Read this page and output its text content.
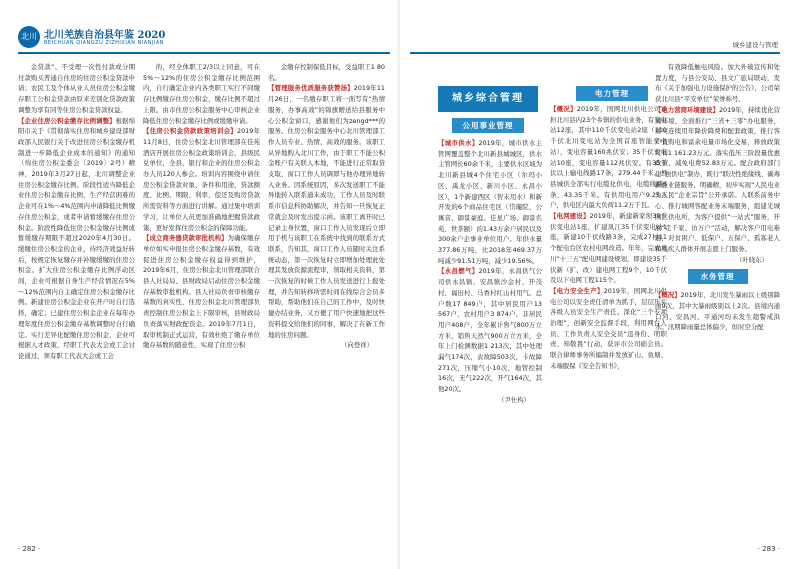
北川年鉴
北川羌族自治县年鉴 2020
BEICHUAN QIANGZU ZIZHIXIAN NIANJIAN

金贷款”、不受理一次性付款或分期付款购买普通自住房的住房公积金贷款申请；农民工及个体从业人员住房公积金缴存职工公积金贷款由原来差别化贷款政策调整为享有同等住房公积金贷款权益。

【企业住房公积金缴存比例调整】根据绵阳市关于《贯彻落实住房和城乡建设部财政部人民银行关于改进住房公积金缴存机制进一步降低企业成本的通知》的通知（绵住房公积金委会〔2019〕2号）精神，2019年3月27日起，北川调整企业住房公积金缴存比例。阶段性适当降低企业住房公积金缴存比例，生产经营困难的企业可在1%～4%范围内申请降低比例缴存住房公积金，或者申请暂缓缴存住房公积金。阶段性降低住房公积金缴存比例或暂缓缴存期限不超过2020年4月30日。缓缴住房公积金的企业，待经济效益好转后，按规定恢复缴存并补缴缓缴的住房公积金。扩大住房公积金缴存比例浮动区间，企业可根据自身生产经营情况在5%～12%范围内自主确定住房公积金缴存比例。新建住房公积金企业在开户时自行选择，确定；已建住房公积金企业在每年办理年度住房公积金缴存基数调整时自行确定。实行差异化配缴住房公积金，企业可根据人才政策，经职工代表大会或工会讨论通过，须有职工代表大会或工会

的，经全体职工2/3以上同意，可在5%～12%的住房公积金缴存比例范围内，自行确定企业内各类职工实行不同缴存比例缴存住房公积金，缴存比例不超过上限。由市住房公积金服务中心审核企业降低住房公积金缴存比例或缓缴申请。

【住房公积金贷款政策培训会】2019年11月8日，住房公积金北川管理部在佳苑酒店开展住房公积金政策培训会，县级民兑单位，全县、银行和企业的住房公积金办人员120人参会。培训内容围绕申请住房公积金贷款对象、条件和用途，贷款额度、比例、期限、利率，偿还及购房贷款所需资料等方面进行讲解。通过集中培训学习，让单位人员更加准确地把握贷款政策，更好发挥住房公积金的保障功能。

【成立商务器贷款审批机构】为确保缴存单位如实申报住房公积金缴存基数，有效促进住房公积金缴存权益得到维护，2019年6月，住房公积金北川管理部联合县人社局局、县财政局启动住房公积金缴存基数审批机构。县人社局负责审核缴存基数的真实性，住房公积金北川管理部负责控制住房公积金上下限审核，县财政局负责落实财政配资金。2019年7月1日，取审机制正式运营，有效杜绝了缴存单位缴存基数的随意性，实现了住房公积

金缴存控制保低目标，受益职工1 80名。

【管理服务优质服务获赞扬】2019年11月26日，一名缴存职工将一面写有“热情服务，办事高效”的锦旗赠送给县服务中心公积金窗口，感谢他们为zengd***的服务。住房公积金服务中心北川管理部工作人员专业、热情、高效的服务。该职工从异地购入北川工作，由于职工不能公积金账户有关联人本地，不能进行正常取贷支取，窗口工作人员调即与他办理异地转入业务。因系统原因，多次发送职工不能异地转入联系通未成功，工作人员及时联系市信息科协助解决，并告知一旦恢复正常就会及时发出提示函。该职工离开时已记录主身位置，窗口工作人员发现后立即用手机与该职工在系统中找到的联系方式联系，告知其，窗口工作人员随时关注系统动态，第一次恢复时立即增加处理此处理其发放资源流程审，领取相关资料，第一次恢复的时候工作人员发送进行上报处理，并告知转移所需时间在线综合会员多帮助，帮助他们在自己的工作中，及时快捷办结业务，又方便了用户快速地把这些资料提交给他们的同事，解决了在新工作地的住房问题。

（向登祥）

· 282 ·
城乡建设与管理
城乡综合管理
公用事业管理
电力管理

【城市供水】2019年，城市供水主管网覆盖整个北川新县城城区，供水主管网长60余千米，主要供水区域为北川新县城4个住宅小区（尔玛小区、禹龙小区、新川小区、永昌小区），1个新建西区（智末用水）和新开发的6个商品住宅区（岱瓏院、公寓音、御景豪庭、佳星广场、御景名苑、世茶颐）的1.43万余户居民以及300余户企事业单位用户。年供水量377.86万吨，比2018年469.37万吨减少91.51万吨，减少19.56%。

【永昌燃气】2019年，永昌供气公司供永昌镇、安昌镇沙金村、开茂村、福田村、马香村红山村用气。总户数17 849户，其中居民用户13 567户，农村用户3 874户，非居民用户408户，全年累计售气800万立方米，销售天然气900万立方米，全年上门检测数据1 213次，其中处理漏气174次，表故障503次，卡故障271次，压缩气小10次，地管控制16次，无气222次，开气164次，其他20次。

（尹仕构）

【概况】2019年，国网北川供电公司承担北川县内23个乡镇的供电业务，有变电站12座，其中110千伏变电站2座（110千伏北川变电站为全国首座智能变电站），变电容量160兆伏安；35千伏变电站10座，变电容量112兆伏安。有35千伏以上输电线路17条，279.44千米。县县城供全部实行电缆化供电，电缆线路6条，43.35千米。有供用电用户9.25万户，供电区内最大负荷11.2万千瓦。

【电网建设】2019年，新建新家坝35千伏变电站1座，扩建凤江35千伏变电站1座，新建10千伏线路3条，完成27村11个配电台区农村电网改造。年年，完成北川“十三五”配电网建设规划，即建设35千伏新（扩、改）建电网工程9个，10千伏及以下电网工程115个。

【电力安全生产】2019年，国网北川供电公司以安全责任清单为抓手，层层压实各级人员安全生产责任。深化“三个专项治理”，创新安全监督手段，利用网台人员、工作负责人安全交员“违身份、明职责、知敬畏”行动，获评市公司础会员。联合律师事务所编制并发放矿山、鱼塘、未端服保《安全告知书》，

有效降低触电风险。加大外破宣传和处置力度，与县公安局、县文广旅局联动，发布《关于加强电力设施保护的公告》，公司荣获北川县“平安单位”荣誉称号。

【电力营商环境建设】2019年，持续优化营商环境，全面推行“三省+三零”办电服务，落实连续用年降价降费和配套政策，推行客户直购电和富余电量市场化交易，释放政策红利1 161.23万元。落实低压三阶段量优惠政策，减免电费52.83万元。配合政府部门建“独供电”制办，既行“联决性绝缘线、碳毒新能业链服务，明确精，初步实现“人民电业为人民”企业宗旨”公开承诺。人联系前务中心、推行城网客配业务末端服务，组建光城园区供电所，为客户提供“一站式”服务，开展“走千家、访万户”活动，解决客户用电难题，对贫困户、低保户、五保户、孤寡老人和残疾人群体开展志愿上门服务。

（叶晓东）

水务管理

【概况】2019年，北川发生暴雨以上级别降雨9次，其中大暴雨级别以上2次。县境内通口河、安昌河、平通河均未发生超警戒洪水。汛期降雨量总体偏少，但时空分配

· 283 ·
